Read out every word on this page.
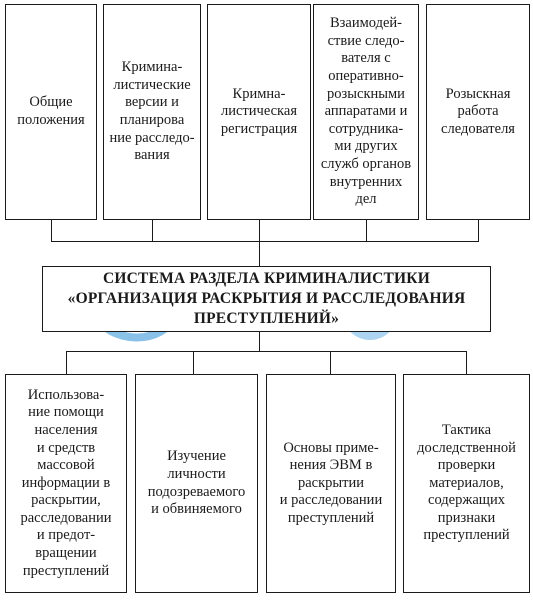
Общие
положения
Кримина-
листические
версии и
планирова
ние расследо-
вания
Кримна-
листическая
регистрация
Взаимодей-
ствие следо-
вателя с
оперативно-
розыскными
аппаратами и
сотрудника-
ми других
служб органов
внутренних
дел
Розыскная
работа
следователя
СИСТЕМА РАЗДЕЛА КРИМИНАЛИСТИКИ
«ОРГАНИЗАЦИЯ РАСКРЫТИЯ И РАССЛЕДОВАНИЯ
ПРЕСТУПЛЕНИЙ»
Использова-
ние помощи
населения
и средств
массовой
информации в раскрытии,
расследовании
и предот-
вращении
преступлений
Изучение
личности
подозреваемого
и обвиняемого
Основы приме-
нения ЭВМ в
раскрытии
и расследовании
преступлений
Тактика
доследственной
проверки
материалов,
содержащих
признаки
преступлений
